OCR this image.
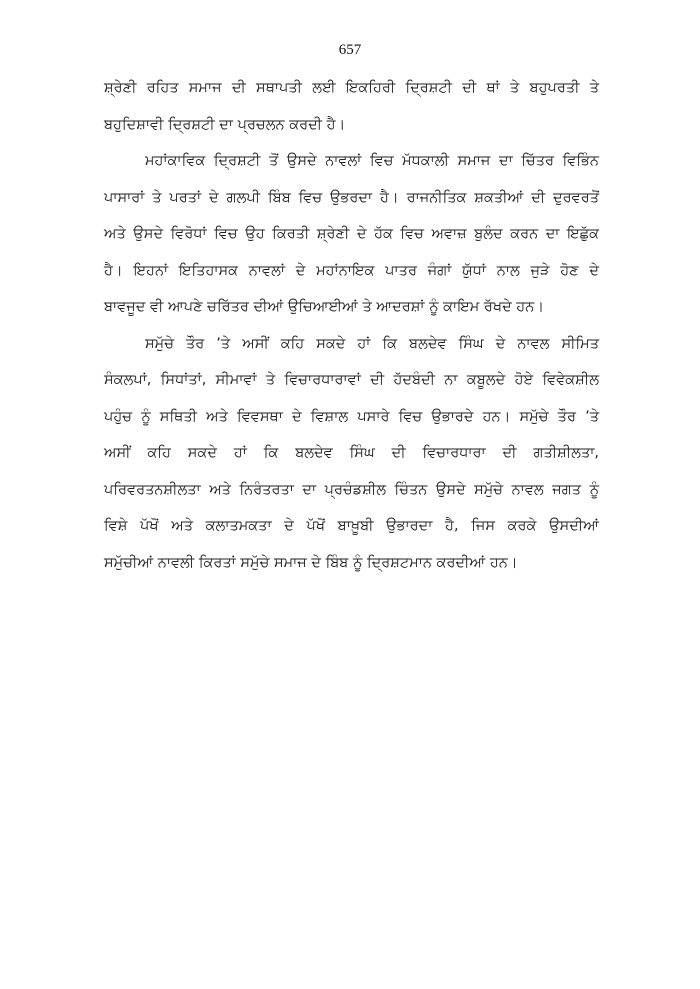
657
ਸ਼੍ਰੇਣੀ ਰਹਿਤ ਸਮਾਜ ਦੀ ਸਥਾਪਤੀ ਲਈ ਇਕਹਿਰੀ ਦ੍ਰਿਸ਼ਟੀ ਦੀ ਥਾਂ ਤੇ ਬਹੁਪਰਤੀ ਤੇ
ਬਹੁਦਿਸ਼ਾਵੀ ਦ੍ਰਿਸ਼ਟੀ ਦਾ ਪ੍ਰਚਲਨ ਕਰਦੀ ਹੈ।
ਮਹਾਂਕਾਵਿਕ ਦ੍ਰਿਸ਼ਟੀ ਤੋਂ ਉਸਦੇ ਨਾਵਲਾਂ ਵਿਚ ਮੱਧਕਾਲੀ ਸਮਾਜ ਦਾ ਚਿੱਤਰ ਵਿਭਿੰਨ
ਪਾਸਾਰਾਂ ਤੇ ਪਰਤਾਂ ਦੇ ਗਲਪੀ ਬਿੰਬ ਵਿਚ ਉਭਰਦਾ ਹੈ। ਰਾਜਨੀਤਿਕ ਸ਼ਕਤੀਆਂ ਦੀ ਦੁਰਵਰਤੋਂ
ਅਤੇ ਉਸਦੇ ਵਿਰੋਧਾਂ ਵਿਚ ਉਹ ਕਿਰਤੀ ਸ਼੍ਰੇਣੀ ਦੇ ਹੱਕ ਵਿਚ ਅਵਾਜ਼ ਬੁਲੰਦ ਕਰਨ ਦਾ ਇਛੁੱਕ
ਹੈ। ਇਹਨਾਂ ਇਤਿਹਾਸਕ ਨਾਵਲਾਂ ਦੇ ਮਹਾਂਨਾਇਕ ਪਾਤਰ ਜੰਗਾਂ ਯੁੱਧਾਂ ਨਾਲ ਜੁੜੇ ਹੋਣ ਦੇ
ਬਾਵਜੂਦ ਵੀ ਆਪਣੇ ਚਰਿੱਤਰ ਦੀਆਂ ਉਚਿਆਈਆਂ ਤੇ ਆਦਰਸ਼ਾਂ ਨੂੰ ਕਾਇਮ ਰੱਖਦੇ ਹਨ।
ਸਮੁੱਚੇ ਤੌਰ ’ਤੇ ਅਸੀਂ ਕਹਿ ਸਕਦੇ ਹਾਂ ਕਿ ਬਲਦੇਵ ਸਿੰਘ ਦੇ ਨਾਵਲ ਸੀਮਿਤ
ਸੰਕਲਪਾਂ, ਸਿਧਾਂਤਾਂ, ਸੀਮਾਵਾਂ ਤੇ ਵਿਚਾਰਧਾਰਾਵਾਂ ਦੀ ਹੱਦਬੰਦੀ ਨਾ ਕਬੂਲਦੇ ਹੋਏ ਵਿਵੇਕਸ਼ੀਲ
ਪਹੁੰਚ ਨੂੰ ਸਥਿਤੀ ਅਤੇ ਵਿਵਸਥਾ ਦੇ ਵਿਸ਼ਾਲ ਪਸਾਰੇ ਵਿਚ ਉਭਾਰਦੇ ਹਨ। ਸਮੁੱਚੇ ਤੌਰ ’ਤੇ
ਅਸੀਂ ਕਹਿ ਸਕਦੇ ਹਾਂ ਕਿ ਬਲਦੇਵ ਸਿੰਘ ਦੀ ਵਿਚਾਰਧਾਰਾ ਦੀ ਗਤੀਸ਼ੀਲਤਾ,
ਪਰਿਵਰਤਨਸ਼ੀਲਤਾ ਅਤੇ ਨਿਰੰਤਰਤਾ ਦਾ ਪ੍ਰਚੰਡਸ਼ੀਲ ਚਿੰਤਨ ਉਸਦੇ ਸਮੁੱਚੇ ਨਾਵਲ ਜਗਤ ਨੂੰ
ਵਿਸ਼ੇ ਪੱਖੋਂ ਅਤੇ ਕਲਾਤਮਕਤਾ ਦੇ ਪੱਖੋਂ ਬਾਖ਼ੂਬੀ ਉਭਾਰਦਾ ਹੈ, ਜਿਸ ਕਰਕੇ ਉਸਦੀਆਂ
ਸਮੁੱਚੀਆਂ ਨਾਵਲੀ ਕਿਰਤਾਂ ਸਮੁੱਚੇ ਸਮਾਜ ਦੇ ਬਿੰਬ ਨੂੰ ਦ੍ਰਿਸ਼ਟਮਾਨ ਕਰਦੀਆਂ ਹਨ।
